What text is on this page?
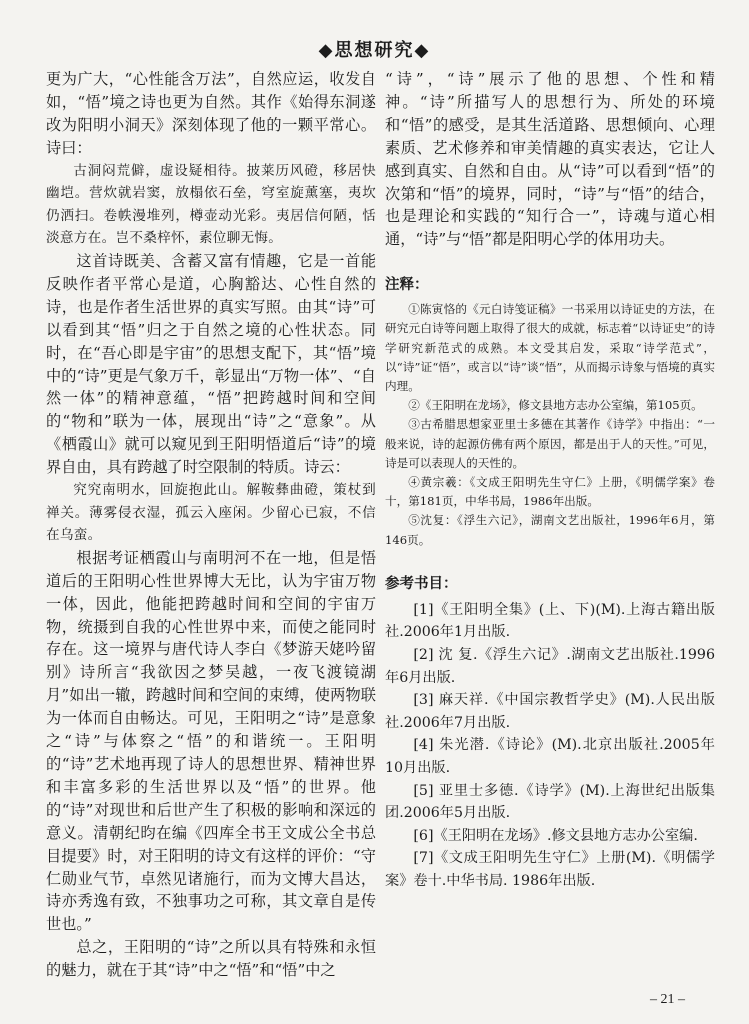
◆思想研究◆

更为广大，“心性能含万法”，自然应运，收发自如，“悟”境之诗也更为自然。其作《始得东洞遂改为阳明小洞天》深刻体现了他的一颗平常心。诗曰：

古洞闷荒僻，虚设疑相待。披莱历风磴，移居快幽垲。营炊就岩窦，放榻依石垒，穹室旋薰塞，夷坎仍洒扫。卷帙漫堆列，樽壶动光彩。夷居信何陋，恬淡意方在。岂不桑梓怀，素位聊无悔。

这首诗既美、含蓄又富有情趣，它是一首能反映作者平常心是道，心胸豁达、心性自然的诗，也是作者生活世界的真实写照。由其“诗”可以看到其“悟”归之于自然之境的心性状态。同时，在“吾心即是宇宙”的思想支配下，其“悟”境中的“诗”更是气象万千，彰显出“万物一体”、“自然一体”的精神意蕴，“悟”把跨越时间和空间的“物和”联为一体，展现出“诗”之“意象”。从《栖霞山》就可以窥见到王阳明悟道后“诗”的境界自由，具有跨越了时空限制的特质。诗云：

究究南明水，回旋抱此山。解鞍彝曲磴，策杖到禅关。薄雾侵衣湿，孤云入座闲。少留心已寂，不信在乌蛮。

根据考证栖霞山与南明河不在一地，但是悟道后的王阳明心性世界博大无比，认为宇宙万物一体，因此，他能把跨越时间和空间的宇宙万物，统摄到自我的心性世界中来，而使之能同时存在。这一境界与唐代诗人李白《梦游天姥吟留别》诗所言“我欲因之梦吴越，一夜飞渡镜湖月”如出一辙，跨越时间和空间的束缚，使两物联为一体而自由畅达。可见，王阳明之“诗”是意象之“诗”与体察之“悟”的和谐统一。王阳明的“诗”艺术地再现了诗人的思想世界、精神世界和丰富多彩的生活世界以及“悟”的世界。他的“诗”对现世和后世产生了积极的影响和深远的意义。清朝纪昀在编《四库全书王文成公全书总目提要》时，对王阳明的诗文有这样的评价：“守仁勋业气节，卓然见诸施行，而为文博大昌达，诗亦秀逸有致，不独事功之可称，其文章自是传世也。”

总之，王阳明的“诗”之所以具有特殊和永恒的魅力，就在于其“诗”中之“悟”和“悟”中之

“诗”，“诗”展示了他的思想、个性和精神。“诗”所描写人的思想行为、所处的环境和“悟”的感受，是其生活道路、思想倾向、心理素质、艺术修养和审美情趣的真实表达，它让人感到真实、自然和自由。从“诗”可以看到“悟”的次第和“悟”的境界，同时，“诗”与“悟”的结合，也是理论和实践的“知行合一”，诗魂与道心相通，“诗”与“悟”都是阳明心学的体用功夫。

注释：

①陈寅恪的《元白诗笺证稿》一书采用以诗证史的方法，在研究元白诗等问题上取得了很大的成就，标志着“以诗证史”的诗学研究新范式的成熟。本文受其启发，采取“诗学范式”，以“诗”证“悟”，或言以“诗”谈“悟”，从而揭示诗象与悟境的真实内理。

②《王阳明在龙场》，修文县地方志办公室编，第105页。

③古希腊思想家亚里士多德在其著作《诗学》中指出：“一般来说，诗的起源仿佛有两个原因，都是出于人的天性。”可见，诗是可以表现人的天性的。

④黄宗羲：《文成王阳明先生守仁》上册，《明儒学案》卷十，第181页，中华书局，1986年出版。

⑤沈复：《浮生六记》，湖南文艺出版社，1996年6月，第146页。

参考书目：

[1]《王阳明全集》(上、下)(M).上海古籍出版社.2006年1月出版.

[2] 沈 复.《浮生六记》.湖南文艺出版社.1996年6月出版.

[3] 麻天祥.《中国宗教哲学史》(M).人民出版社.2006年7月出版.

[4] 朱光潜.《诗论》(M).北京出版社.2005年10月出版.

[5] 亚里士多德.《诗学》(M).上海世纪出版集团.2006年5月出版.

[6]《王阳明在龙场》.修文县地方志办公室编.

[7]《文成王阳明先生守仁》上册(M).《明儒学案》卷十.中华书局. 1986年出版.

– 21 –
